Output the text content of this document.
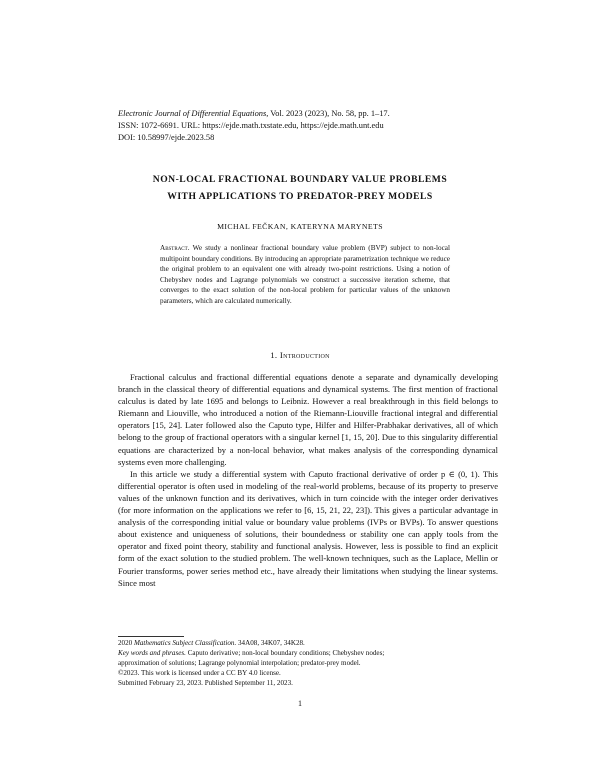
Electronic Journal of Differential Equations, Vol. 2023 (2023), No. 58, pp. 1–17.
ISSN: 1072-6691. URL: https://ejde.math.txstate.edu, https://ejde.math.unt.edu
DOI: 10.58997/ejde.2023.58
NON-LOCAL FRACTIONAL BOUNDARY VALUE PROBLEMS
WITH APPLICATIONS TO PREDATOR-PREY MODELS
MICHAL FEČKAN, KATERYNA MARYNETS
Abstract. We study a nonlinear fractional boundary value problem (BVP) subject to non-local multipoint boundary conditions. By introducing an appropriate parametrization technique we reduce the original problem to an equivalent one with already two-point restrictions. Using a notion of Chebyshev nodes and Lagrange polynomials we construct a successive iteration scheme, that converges to the exact solution of the non-local problem for particular values of the unknown parameters, which are calculated numerically.
1. Introduction

Fractional calculus and fractional differential equations denote a separate and dynamically developing branch in the classical theory of differential equations and dynamical systems. The first mention of fractional calculus is dated by late 1695 and belongs to Leibniz. However a real breakthrough in this field belongs to Riemann and Liouville, who introduced a notion of the Riemann-Liouville fractional integral and differential operators [15, 24]. Later followed also the Caputo type, Hilfer and Hilfer-Prabhakar derivatives, all of which belong to the group of fractional operators with a singular kernel [1, 15, 20]. Due to this singularity differential equations are characterized by a non-local behavior, what makes analysis of the corresponding dynamical systems even more challenging.

In this article we study a differential system with Caputo fractional derivative of order p ∈ (0, 1). This differential operator is often used in modeling of the real-world problems, because of its property to preserve values of the unknown function and its derivatives, which in turn coincide with the integer order derivatives (for more information on the applications we refer to [6, 15, 21, 22, 23]). This gives a particular advantage in analysis of the corresponding initial value or boundary value problems (IVPs or BVPs). To answer questions about existence and uniqueness of solutions, their boundedness or stability one can apply tools from the operator and fixed point theory, stability and functional analysis. However, less is possible to find an explicit form of the exact solution to the studied problem. The well-known techniques, such as the Laplace, Mellin or Fourier transforms, power series method etc., have already their limitations when studying the linear systems. Since most

2020 Mathematics Subject Classification. 34A08, 34K07, 34K28.
Key words and phrases. Caputo derivative; non-local boundary conditions; Chebyshev nodes;
approximation of solutions; Lagrange polynomial interpolation; predator-prey model.
©2023. This work is licensed under a CC BY 4.0 license.
Submitted February 23, 2023. Published September 11, 2023.
1
